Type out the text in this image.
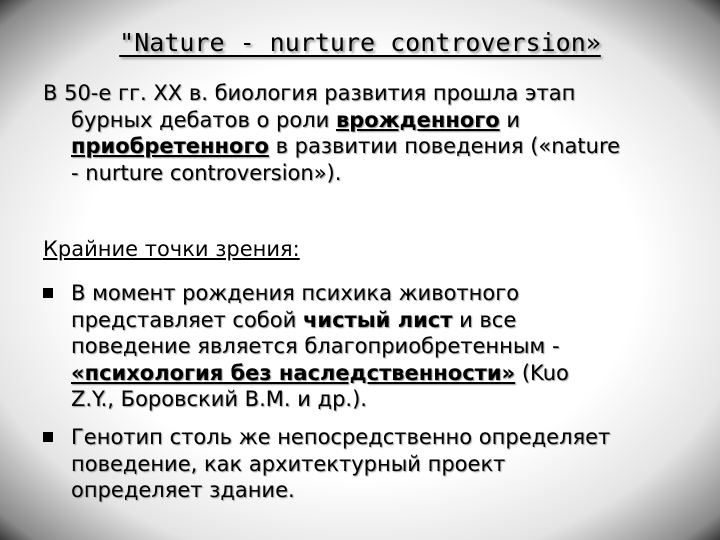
"Nature - nurture controversion»
В 50-е гг. XX в. биология развития прошла этап
бурных дебатов о роли врожденного и
приобретенного в развитии поведения («nature
- nurture controversion»).
Крайние точки зрения:
В момент рождения психика животного
представляет собой чистый лист и все
поведение является благоприобретенным -
«психология без наследственности» (Kuo
Z.Y., Боровский В.М. и др.).
Генотип столь же непосредственно определяет
поведение, как архитектурный проект
определяет здание.
